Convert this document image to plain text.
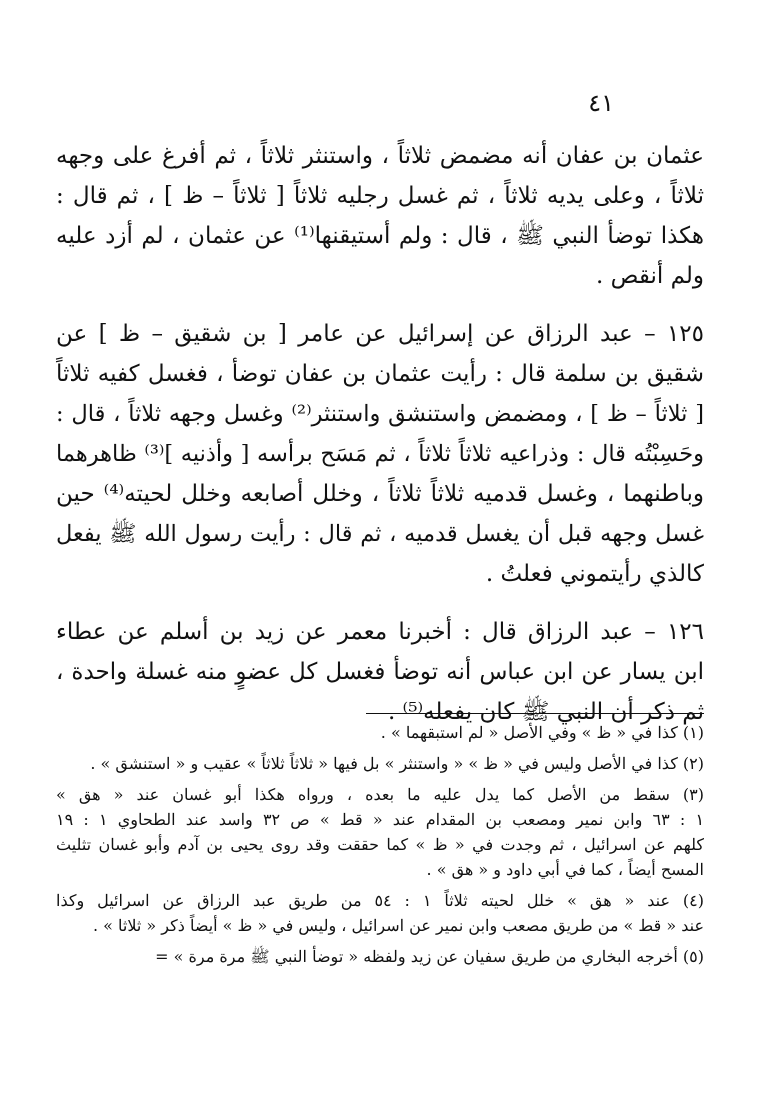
٤١
عثمان بن عفان أنه مضمض ثلاثاً ، واستنثر ثلاثاً ، ثم أفرغ على وجهه
ثلاثاً ، وعلى يديه ثلاثاً ، ثم غسل رجليه ثلاثاً [ ثلاثاً – ظ ] ، ثم قال :
هكذا توضأ النبي ﷺ ، قال : ولم أستيقنها⁽¹⁾ عن عثمان ، لم أزد عليه
ولم أنقص .
١٢٥ – عبد الرزاق عن إسرائيل عن عامر [ بن شقيق – ظ ] عن
شقيق بن سلمة قال : رأيت عثمان بن عفان توضأ ، فغسل كفيه ثلاثاً
[ ثلاثاً – ظ ] ، ومضمض واستنشق واستنثر⁽²⁾ وغسل وجهه ثلاثاً ، قال :
وحَسِبْتُه قال : وذراعيه ثلاثاً ثلاثاً ، ثم مَسَح برأسه [ وأذنيه ]⁽³⁾ ظاهرهما
وباطنهما ، وغسل قدميه ثلاثاً ثلاثاً ، وخلل أصابعه وخلل لحيته⁽⁴⁾ حين
غسل وجهه قبل أن يغسل قدميه ، ثم قال : رأيت رسول الله ﷺ يفعل
كالذي رأيتموني فعلتُ .
١٢٦ – عبد الرزاق قال : أخبرنا معمر عن زيد بن أسلم عن عطاء
ابن يسار عن ابن عباس أنه توضأ فغسل كل عضوٍ منه غسلة واحدة ،
ثم ذكر أن النبي ﷺ كان يفعله⁽⁵⁾ .
(١) كذا في « ظ » وفي الأصل « لم استبقهما » .
(٢) كذا في الأصل وليس في « ظ » « واستنثر » بل فيها « ثلاثاً ثلاثاً » عقيب و « استنشق » .
(٣) سقط من الأصل كما يدل عليه ما بعده ، ورواه هكذا أبو غسان عند « هق »
١ : ٦٣ وابن نمير ومصعب بن المقدام عند « قط » ص ٣٢ واسد عند الطحاوي ١ : ١٩
كلهم عن اسرائيل ، ثم وجدت في « ظ » كما حققت وقد روى يحيى بن آدم وأبو غسان تثليث
المسح أيضاً ، كما في أبي داود و « هق » .
(٤) عند « هق » خلل لحيته ثلاثاً ١ : ٥٤ من طريق عبد الرزاق عن اسرائيل وكذا
عند « قط » من طريق مصعب وابن نمير عن اسرائيل ، وليس في « ظ » أيضاً ذكر « ثلاثا » .
(٥) أخرجه البخاري من طريق سفيان عن زيد ولفظه « توضأ النبي ﷺ مرة مرة » =
